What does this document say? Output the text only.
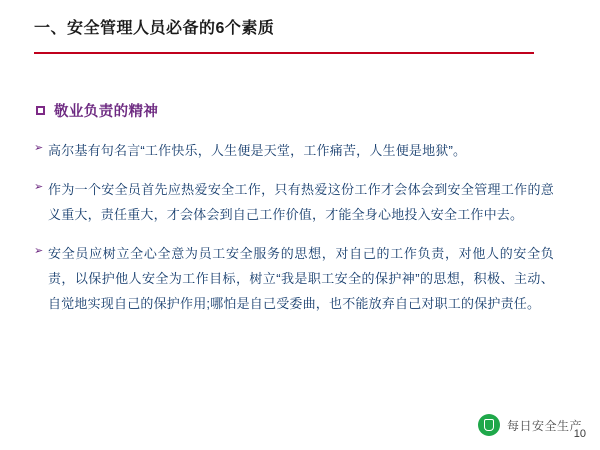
一、安全管理人员必备的6个素质
敬业负责的精神
➢ 高尔基有句名言“工作快乐，人生便是天堂，工作痛苦，人生便是地狱”。
➢ 作为一个安全员首先应热爱安全工作，只有热爱这份工作才会体会到安全管理工作的意义重大，责任重大，才会体会到自己工作价值，才能全身心地投入安全工作中去。
➢ 安全员应树立全心全意为员工安全服务的思想，对自己的工作负责，对他人的安全负责，以保护他人安全为工作目标，树立“我是职工安全的保护神”的思想，积极、主动、自觉地实现自己的保护作用;哪怕是自己受委曲，也不能放弃自己对职工的保护责任。
每日安全生产
10
